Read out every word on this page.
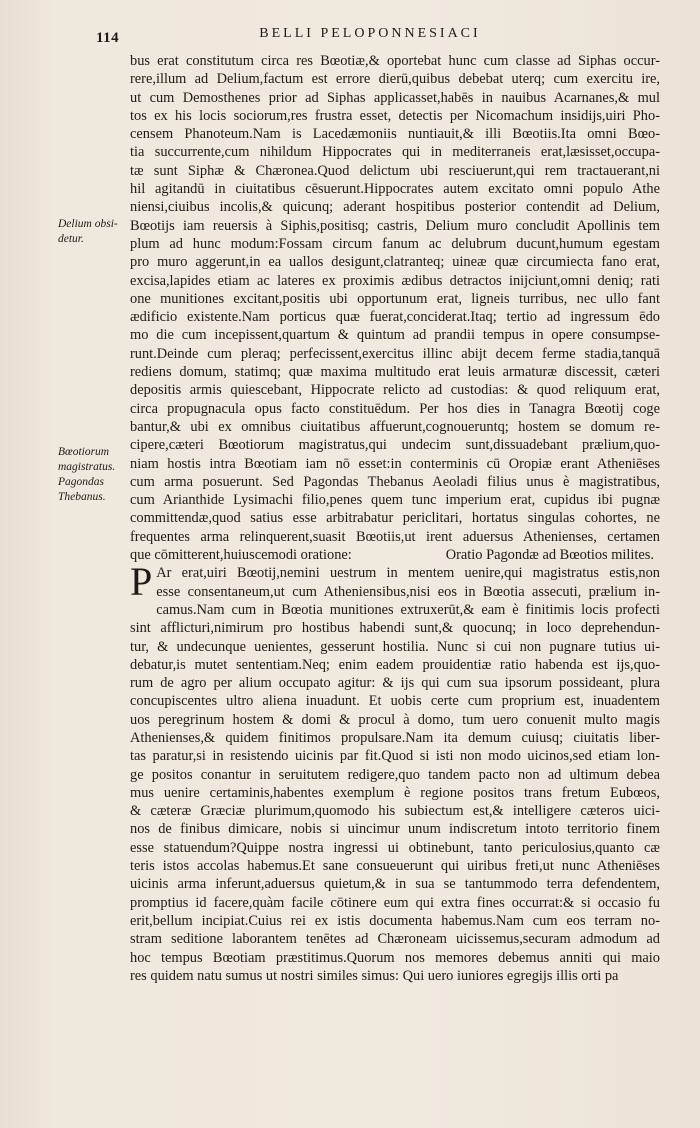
114	BELLI PELOPONNESIACI
Delium obsi-
detur.
Bœotiorum
magistratus.
Pagondas
Thebanus.
bus erat constitutum circa res Bœotiæ,& oportebat hunc cum classe ad Siphas occur-
rere,illum ad Delium,factum est errore dierū,quibus debebat uterq; cum exercitu ire,
ut cum Demosthenes prior ad Siphas applicasset,habēs in nauibus Acarnanes,& mul
tos ex his locis sociorum,res frustra esset, detectis per Nicomachum insidijs,uiri Pho-
censem Phanoteum.Nam is Lacedæmoniis nuntiauit,& illi Bœotiis.Ita omni Bœo-
tia succurrente,cum nihildum Hippocrates qui in mediterraneis erat,læsisset,occupa-
tæ sunt Siphæ & Chæronea.Quod delictum ubi resciuerunt,qui rem tractauerant,ni
hil agitandū in ciuitatibus cēsuerunt.Hippocrates autem excitato omni populo Athe
niensi,ciuibus incolis,& quicunq; aderant hospitibus posterior contendit ad Delium,
Bœotijs iam reuersis à Siphis,positisq; castris, Delium muro concludit Apollinis tem
plum ad hunc modum:Fossam circum fanum ac delubrum ducunt,humum egestam
pro muro aggerunt,in ea uallos desigunt,clatranteq; uineæ quæ circumiecta fano erat,
excisa,lapides etiam ac lateres ex proximis ædibus detractos inijciunt,omni deniq; rati
one munitiones excitant,positis ubi opportunum erat, ligneis turribus, nec ullo fant
ædificio existente.Nam porticus quæ fuerat,conciderat.Itaq; tertio ad ingressum ēdo
mo die cum incepissent,quartum & quintum ad prandii tempus in opere consumpse-
runt.Deinde cum pleraq; perfecissent,exercitus illinc abijt decem ferme stadia,tanquā
rediens domum, statimq; quæ maxima multitudo erat leuis armaturæ discessit, cæteri
depositis armis quiescebant, Hippocrate relicto ad custodias: & quod reliquum erat,
circa propugnacula opus facto constituēdum. Per hos dies in Tanagra Bœotij coge
bantur,& ubi ex omnibus ciuitatibus affuerunt,cognoueruntq; hostem se domum re-
cipere,cæteri Bœotiorum magistratus,qui undecim sunt,dissuadebant prælium,quo-
niam hostis intra Bœotiam iam nō esset:in conterminis cū Oropiæ erant Atheniēses
cum arma posuerunt. Sed Pagondas Thebanus Aeoladi filius unus è magistratibus,
cum Arianthide Lysimachi filio,penes quem tunc imperium erat, cupidus ibi pugnæ
committendæ,quod satius esse arbitrabatur periclitari, hortatus singulas cohortes, ne
frequentes arma relinquerent,suasit Bœotiis,ut irent aduersus Athenienses, certamen
que cōmitterent,huiuscemodi oratione:	Oratio Pagondæ ad Bœotios milites.
P Ar erat,uiri Bœotij,nemini uestrum in mentem uenire,qui magistratus estis,non
esse consentaneum,ut cum Atheniensibus,nisi eos in Bœotia assecuti, prælium in-
camus.Nam cum in Bœotia munitiones extruxerūt,& eam è finitimis locis profecti
sint afflicturi,nimirum pro hostibus habendi sunt,& quocunq; in loco deprehendun-
tur, & undecunque uenientes, gesserunt hostilia. Nunc si cui non pugnare tutius ui-
debatur,is mutet sententiam.Neq; enim eadem prouidentiæ ratio habenda est ijs,quo-
rum de agro per alium occupato agitur: & ijs qui cum sua ipsorum possideant, plura
concupiscentes ultro aliena inuadunt. Et uobis certe cum proprium est, inuadentem
uos peregrinum hostem & domi & procul à domo, tum uero conuenit multo magis
Athenienses,& quidem finitimos propulsare.Nam ita demum cuiusq; ciuitatis liber-
tas paratur,si in resistendo uicinis par fit.Quod si isti non modo uicinos,sed etiam lon-
ge positos conantur in seruitutem redigere,quo tandem pacto non ad ultimum debea
mus uenire certaminis,habentes exemplum è regione positos trans fretum Eubœos,
& cæteræ Græciæ plurimum,quomodo his subiectum est,& intelligere cæteros uici-
nos de finibus dimicare, nobis si uincimur unum indiscretum intoto territorio finem
esse statuendum?Quippe nostra ingressi ui obtinebunt, tanto periculosius,quanto cæ
teris istos accolas habemus.Et sane consueuerunt qui uiribus freti,ut nunc Atheniēses
uicinis arma inferunt,aduersus quietum,& in sua se tantummodo terra defendentem,
promptius id facere,quàm facile cōtinere eum qui extra fines occurrat:& si occasio fu
erit,bellum incipiat.Cuius rei ex istis documenta habemus.Nam cum eos terram no-
stram seditione laborantem tenētes ad Chæroneam uicissemus,securam admodum ad
hoc tempus Bœotiam præstitimus.Quorum nos memores debemus anniti qui maio
res quidem natu sumus ut nostri similes simus: Qui uero iuniores egregijs illis orti pa
